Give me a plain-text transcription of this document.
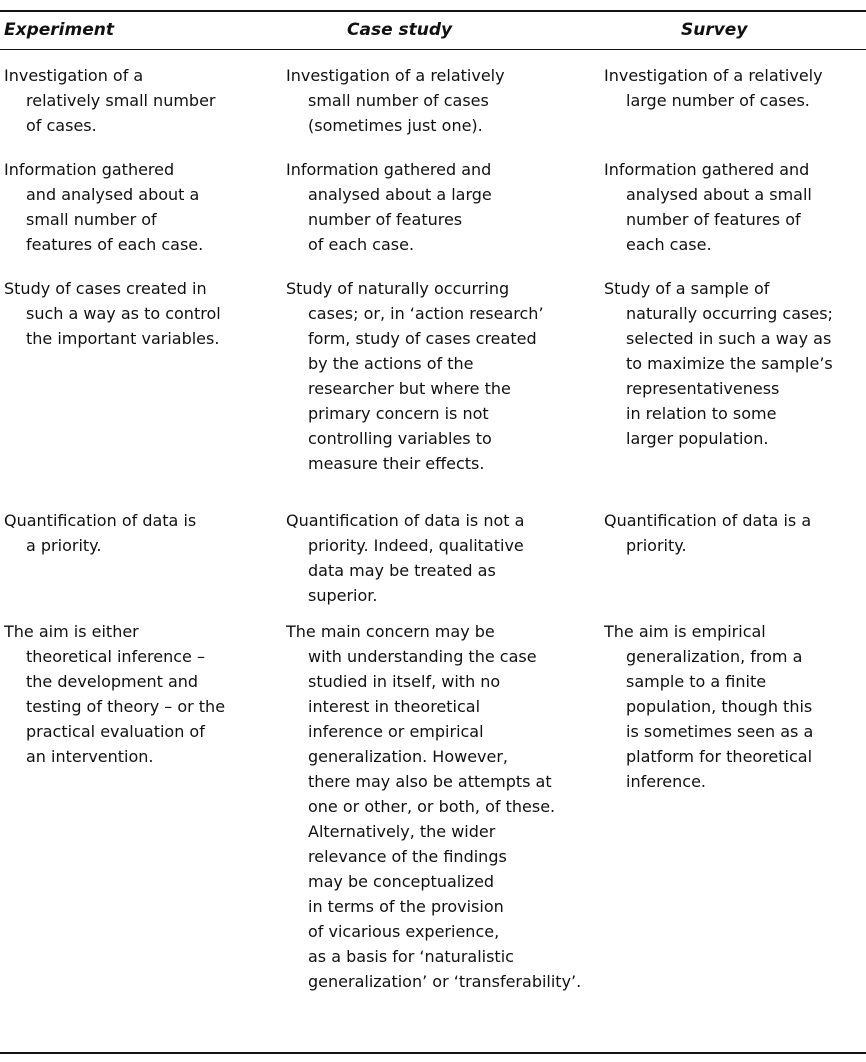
Experiment	Case study	Survey
Investigation of a
relatively small number
of cases.
Investigation of a relatively
small number of cases
(sometimes just one).
Investigation of a relatively
large number of cases.
Information gathered
and analysed about a
small number of
features of each case.
Information gathered and
analysed about a large
number of features
of each case.
Information gathered and
analysed about a small
number of features of
each case.
Study of cases created in
such a way as to control
the important variables.
Study of naturally occurring
cases; or, in ‘action research’
form, study of cases created
by the actions of the
researcher but where the
primary concern is not
controlling variables to
measure their effects.
Study of a sample of
naturally occurring cases;
selected in such a way as
to maximize the sample’s
representativeness
in relation to some
larger population.
Quantification of data is
a priority.
Quantification of data is not a
priority. Indeed, qualitative
data may be treated as
superior.
Quantification of data is a
priority.
The aim is either
theoretical inference –
the development and
testing of theory – or the
practical evaluation of
an intervention.
The main concern may be
with understanding the case
studied in itself, with no
interest in theoretical
inference or empirical
generalization. However,
there may also be attempts at
one or other, or both, of these.
Alternatively, the wider
relevance of the findings
may be conceptualized
in terms of the provision
of vicarious experience,
as a basis for ‘naturalistic
generalization’ or ‘transferability’.
The aim is empirical
generalization, from a
sample to a finite
population, though this
is sometimes seen as a
platform for theoretical
inference.
